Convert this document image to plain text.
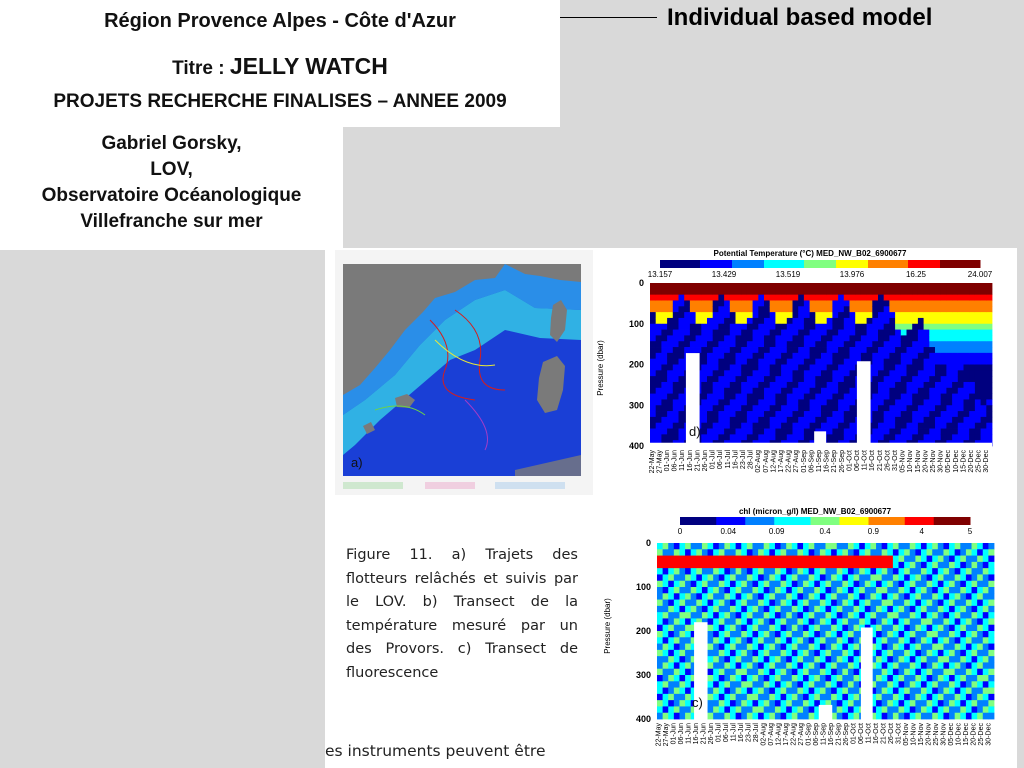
Individual based model
Région Provence Alpes - Côte d'Azur
Titre : JELLY WATCH
PROJETS RECHERCHE FINALISES – ANNEE 2009
Gabriel Gorsky,
LOV,
Observatoire Océanologique
Villefranche sur mer
a)
Potential Temperature (°C) MED_NW_B02_6900677
13.157	13.429	13.519	13.976	16.25	24.007
0
100
200
300
400
Pressure (dbar)
22-May 27-May 01-Jun 06-Jun 11-Jun 16-Jun 21-Jun 26-Jun 01-Jul 06-Jul 11-Jul 16-Jul 23-Jul 28-Jul 02-Aug 07-Aug 12-Aug 17-Aug 22-Aug 27-Aug 01-Sep 06-Sep 11-Sep 16-Sep 21-Sep 26-Sep 01-Oct 06-Oct 11-Oct 16-Oct 21-Oct 26-Oct 31-Oct 05-Nov 10-Nov 15-Nov 20-Nov 25-Nov 30-Nov 05-Dec 10-Dec 15-Dec 20-Dec 25-Dec 30-Dec
d)
chl (micron_g/l) MED_NW_B02_6900677
0	0.04	0.09	0.4	0.9	4	5
0
100
200
300
400
Pressure (dbar)
22-May 27-May 01-Jun 06-Jun 11-Jun 16-Jun 21-Jun 26-Jun 01-Jul 06-Jul 11-Jul 16-Jul 23-Jul 28-Jul 02-Aug 07-Aug 12-Aug 17-Aug 22-Aug 27-Aug 01-Sep 06-Sep 11-Sep 16-Sep 21-Sep 26-Sep 01-Oct 06-Oct 11-Oct 16-Oct 21-Oct 26-Oct 31-Oct 05-Nov 10-Nov 15-Nov 20-Nov 25-Nov 30-Nov 05-Dec 10-Dec 15-Dec 20-Dec 25-Dec 30-Dec
c)
Figure 11. a) Trajets des flotteurs relâchés et suivis par le LOV. b) Transect de la température mesuré par un des Provors. c) Transect de fluorescence
es instruments peuvent être
